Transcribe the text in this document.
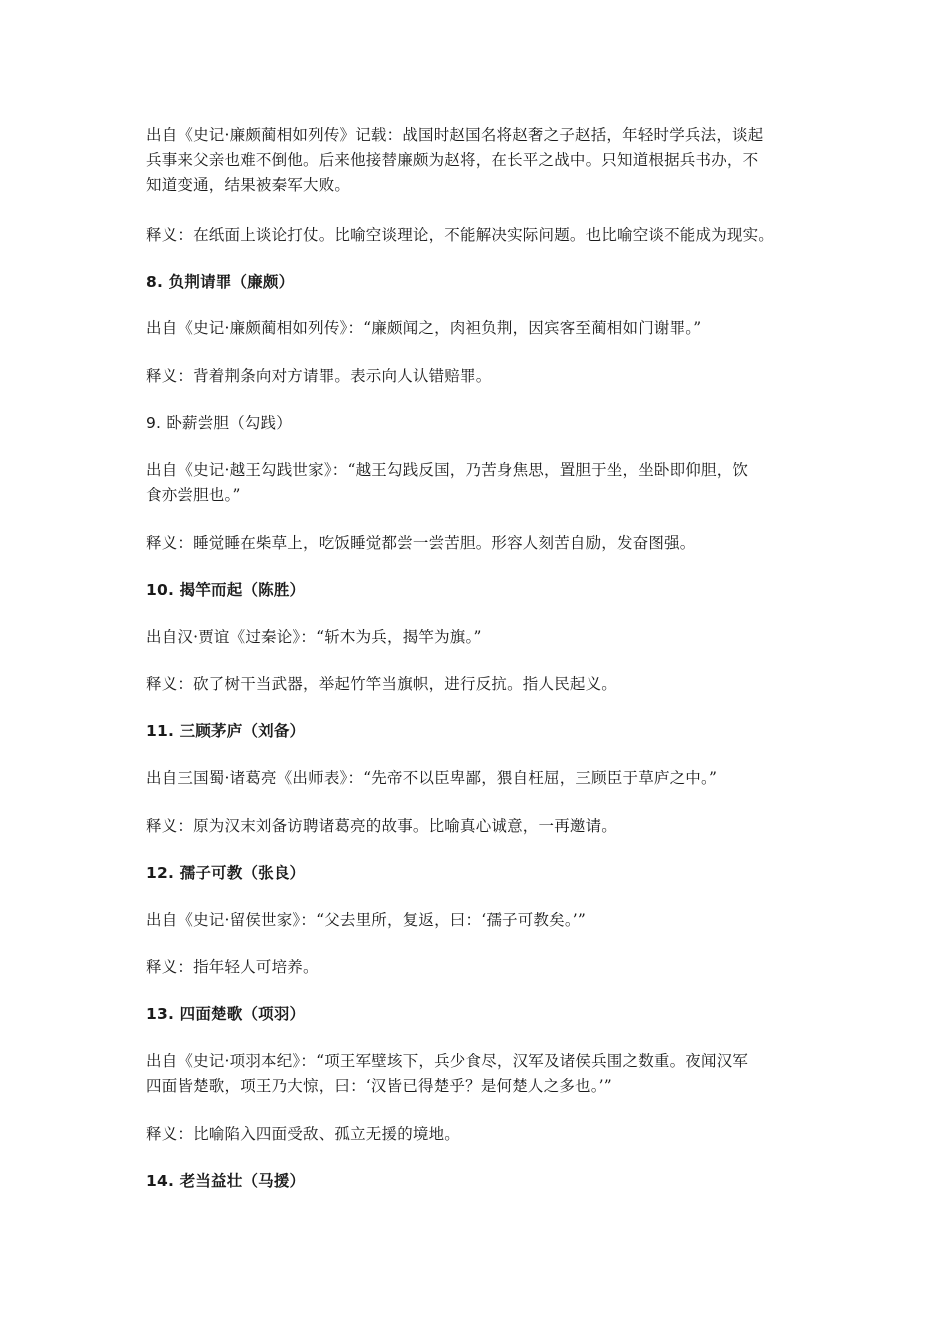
出自《史记·廉颇蔺相如列传》记载：战国时赵国名将赵奢之子赵括，年轻时学兵法，谈起
兵事来父亲也难不倒他。后来他接替廉颇为赵将，在长平之战中。只知道根据兵书办，不
知道变通，结果被秦军大败。
释义：在纸面上谈论打仗。比喻空谈理论，不能解决实际问题。也比喻空谈不能成为现实。
8. 负荆请罪（廉颇）
出自《史记·廉颇蔺相如列传》：“廉颇闻之，肉袒负荆，因宾客至蔺相如门谢罪。”
释义：背着荆条向对方请罪。表示向人认错赔罪。
9. 卧薪尝胆（勾践）
出自《史记·越王勾践世家》：“越王勾践反国，乃苦身焦思，置胆于坐，坐卧即仰胆，饮
食亦尝胆也。”
释义：睡觉睡在柴草上，吃饭睡觉都尝一尝苦胆。形容人刻苦自励，发奋图强。
10. 揭竿而起（陈胜）
出自汉·贾谊《过秦论》：“斩木为兵，揭竿为旗。”
释义：砍了树干当武器，举起竹竿当旗帜，进行反抗。指人民起义。
11. 三顾茅庐（刘备）
出自三国蜀·诸葛亮《出师表》：“先帝不以臣卑鄙，猥自枉屈，三顾臣于草庐之中。”
释义：原为汉末刘备访聘诸葛亮的故事。比喻真心诚意，一再邀请。
12. 孺子可教（张良）
出自《史记·留侯世家》：“父去里所，复返，曰：‘孺子可教矣。’”
释义：指年轻人可培养。
13. 四面楚歌（项羽）
出自《史记·项羽本纪》：“项王军壁垓下，兵少食尽，汉军及诸侯兵围之数重。夜闻汉军
四面皆楚歌，项王乃大惊，曰：‘汉皆已得楚乎？是何楚人之多也。’”
释义：比喻陷入四面受敌、孤立无援的境地。
14. 老当益壮（马援）
